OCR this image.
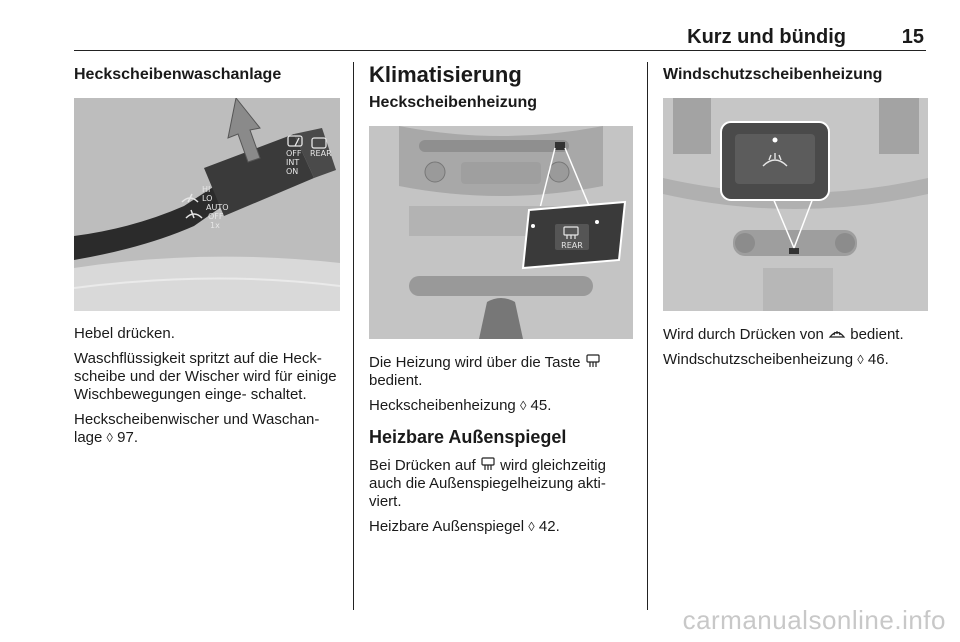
Kurz und bündig	15
Heckscheibenwaschanlage
OFF
INT
ON
REAR
HI
LO
AUTO
OFF
1x

Hebel drücken.

Waschflüssigkeit spritzt auf die Heck- scheibe und der Wischer wird für einige Wischbewegungen einge- schaltet.

Heckscheibenwischer und Waschan- lage ◊ 97.

Klimatisierung
Heckscheibenheizung
REAR

Die Heizung wird über die Taste
bedient.

Heckscheibenheizung ◊ 45.

Heizbare Außenspiegel

Bei Drücken auf wird gleichzeitig auch die Außenspiegelheizung akti- viert.

Heizbare Außenspiegel ◊ 42.

Windschutzscheibenheizung

Wird durch Drücken von bedient.

Windschutzscheibenheizung ◊ 46.

carmanualsonline.info
